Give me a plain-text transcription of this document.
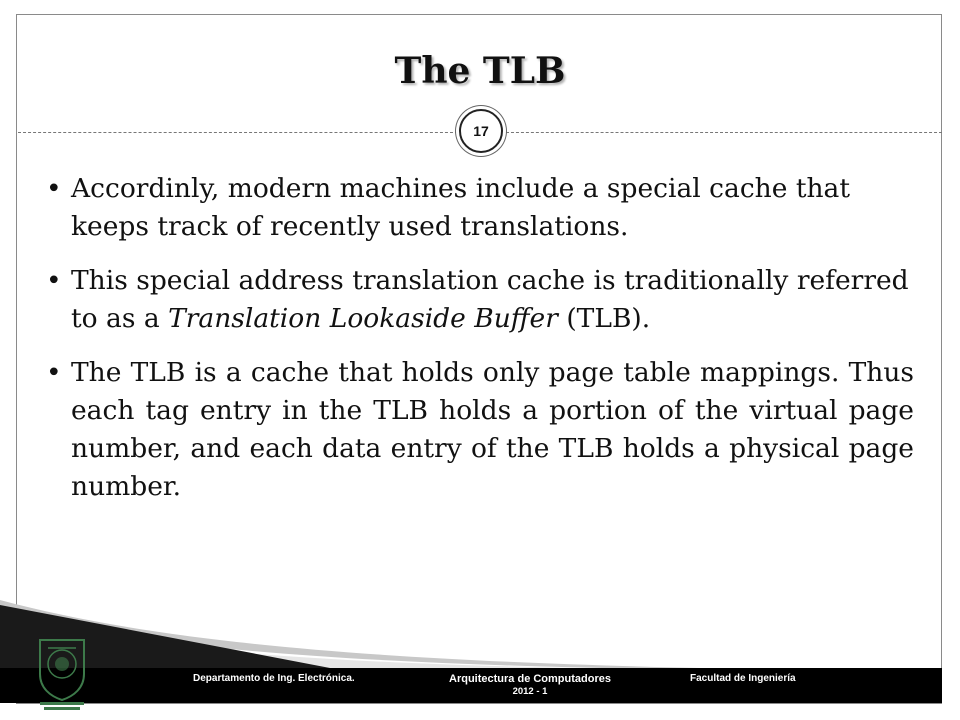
The TLB
17
• Accordinly, modern machines include a special cache that keeps track of recently used translations.
• This special address translation cache is traditionally referred to as a Translation Lookaside Buffer (TLB).
• The TLB is a cache that holds only page table mappings. Thus each tag entry in the TLB holds a portion of the virtual page number, and each data entry of the TLB holds a physical page number.
Departamento de Ing. Electrónica.	Arquitectura de Computadores
2012 - 1
Facultad de Ingeniería
